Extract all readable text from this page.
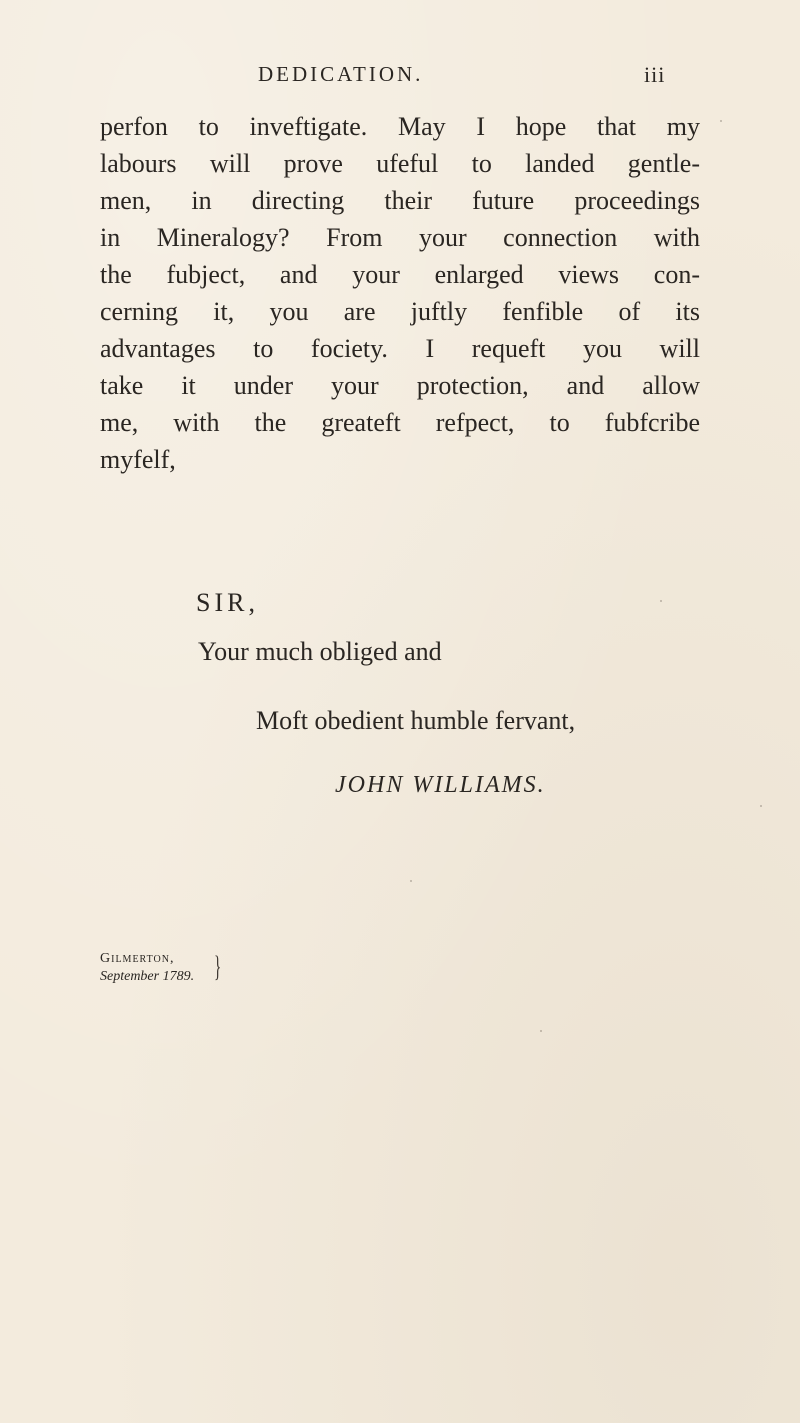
DEDICATION.	iii
perfon to inveftigate. May I hope that my
labours will prove ufeful to landed gentle-
men, in directing their future proceedings
in Mineralogy? From your connection with
the fubject, and your enlarged views con-
cerning it, you are juftly fenfible of its
advantages to fociety. I requeft you will
take it under your protection, and allow
me, with the greateft refpect, to fubfcribe
myfelf,
SIR,
Your much obliged and
Moft obedient humble fervant,
JOHN WILLIAMS.
Gilmerton,
September 1789. }
